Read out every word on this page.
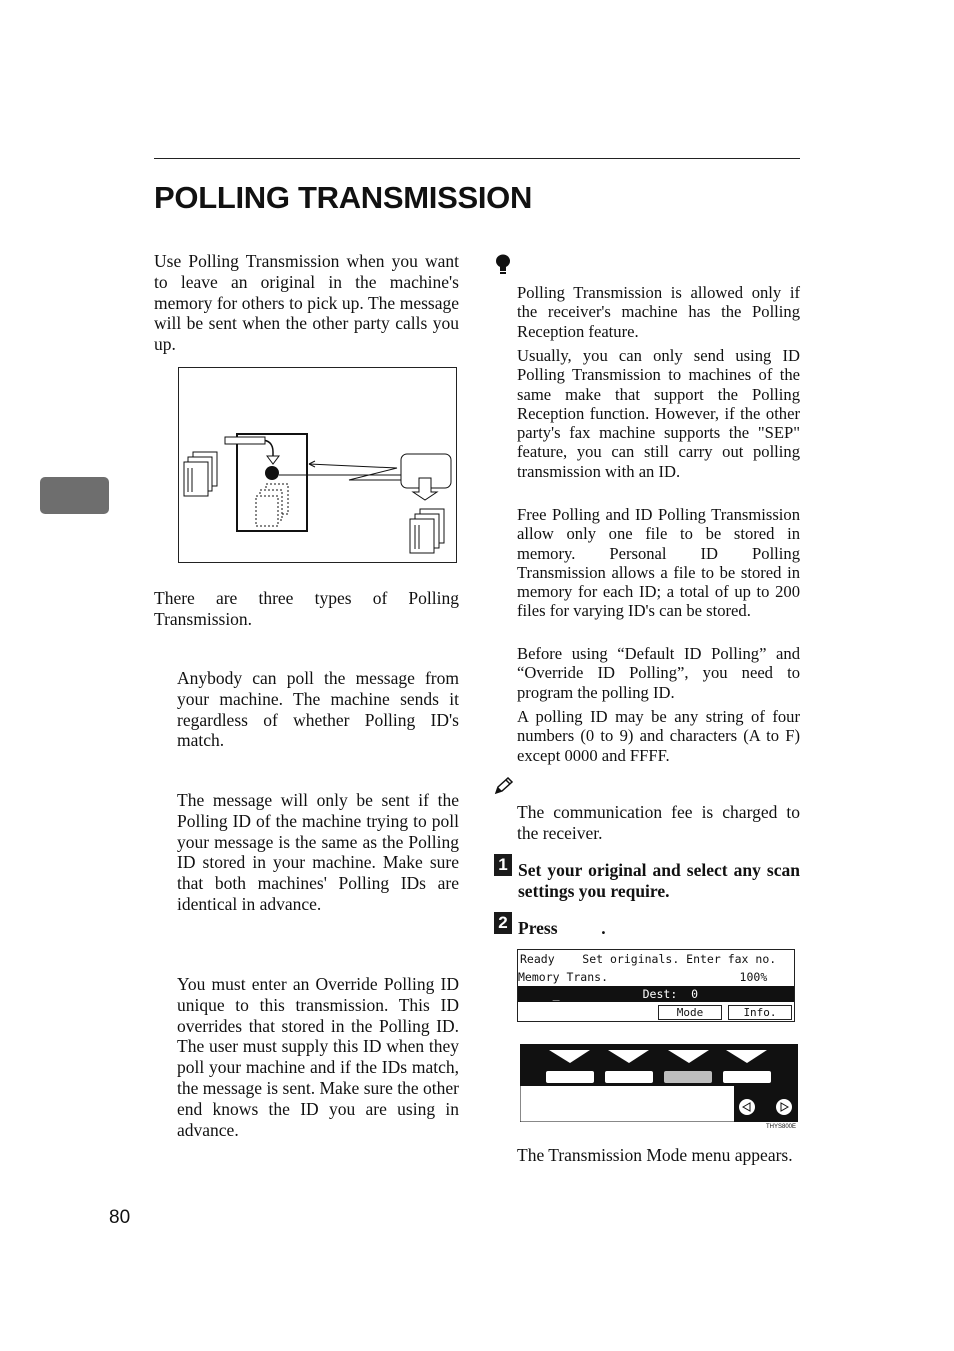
POLLING TRANSMISSION

Use Polling Transmission when you want to leave an original in the machine's memory for others to pick up. The message will be sent when the other party calls you up.

There are three types of Polling Transmission.

Anybody can poll the message from your machine. The machine sends it regardless of whether Polling ID's match.

The message will only be sent if the Polling ID of the machine trying to poll your message is the same as the Polling ID stored in your machine. Make sure that both machines' Polling IDs are identical in advance.

You must enter an Override Polling ID unique to this transmission. This ID overrides that stored in the Polling ID. The user must supply this ID when they poll your machine and if the IDs match, the message is sent. Make sure the other end knows the ID you are using in advance.

Polling Transmission is allowed only if the receiver's machine has the Polling Reception feature.

Usually, you can only send using ID Polling Transmission to machines of the same make that support the Polling Reception function. However, if the other party's fax machine supports the "SEP" feature, you can still carry out polling transmission with an ID.

Free Polling and ID Polling Transmission allow only one file to be stored in memory. Personal ID Polling Transmission allows a file to be stored in memory for each ID; a total of up to 200 files for varying ID's can be stored.

Before using “Default ID Polling” and “Override ID Polling”, you need to program the polling ID.

A polling ID may be any string of four numbers (0 to 9) and characters (A to F) except 0000 and FFFF.

The communication fee is charged to the receiver.

1 Set your original and select any scan settings you require.
2 Press          .
Ready    Set originals. Enter fax no.
Memory Trans.                   100%
_            Dest:  0
Mode	Info.
THYS800E

The Transmission Mode menu appears.

80
